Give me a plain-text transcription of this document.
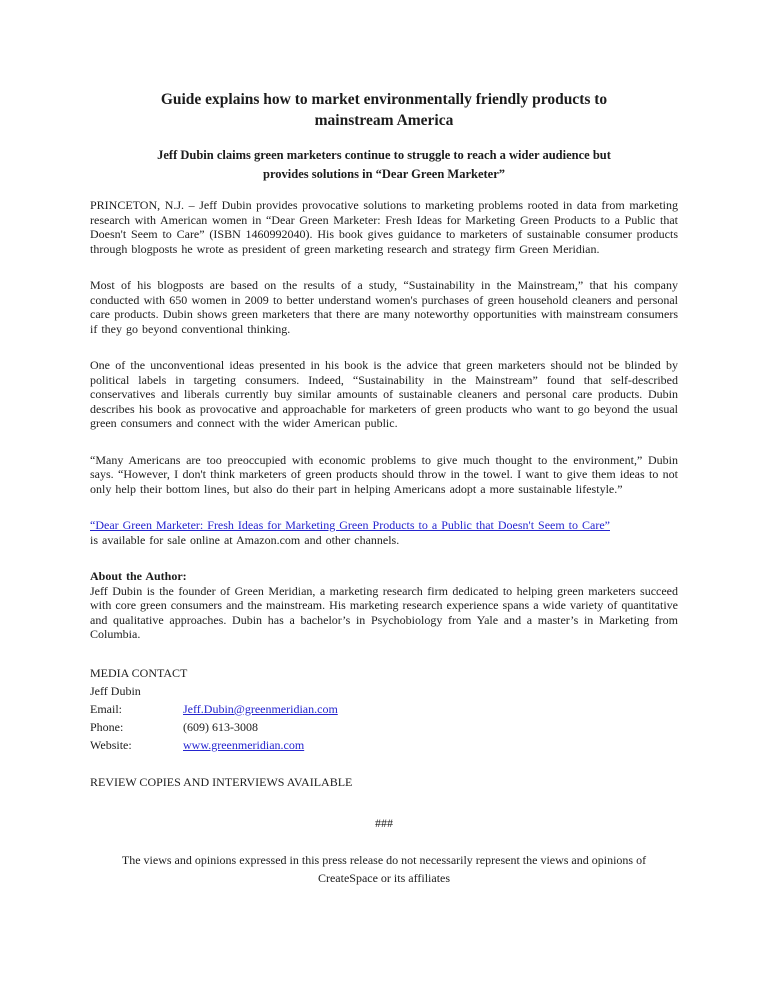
Guide explains how to market environmentally friendly products to
mainstream America
Jeff Dubin claims green marketers continue to struggle to reach a wider audience but
provides solutions in “Dear Green Marketer”

PRINCETON, N.J. – Jeff Dubin provides provocative solutions to marketing problems rooted in data from marketing research with American women in “Dear Green Marketer: Fresh Ideas for Marketing Green Products to a Public that Doesn't Seem to Care” (ISBN 1460992040). His book gives guidance to marketers of sustainable consumer products through blogposts he wrote as president of green marketing research and strategy firm Green Meridian.

Most of his blogposts are based on the results of a study, “Sustainability in the Mainstream,” that his company conducted with 650 women in 2009 to better understand women's purchases of green household cleaners and personal care products. Dubin shows green marketers that there are many noteworthy opportunities with mainstream consumers if they go beyond conventional thinking.

One of the unconventional ideas presented in his book is the advice that green marketers should not be blinded by political labels in targeting consumers. Indeed, “Sustainability in the Mainstream” found that self-described conservatives and liberals currently buy similar amounts of sustainable cleaners and personal care products. Dubin describes his book as provocative and approachable for marketers of green products who want to go beyond the usual green consumers and connect with the wider American public.

“Many Americans are too preoccupied with economic problems to give much thought to the environment,” Dubin says. “However, I don't think marketers of green products should throw in the towel. I want to give them ideas to not only help their bottom lines, but also do their part in helping Americans adopt a more sustainable lifestyle.”

“Dear Green Marketer: Fresh Ideas for Marketing Green Products to a Public that Doesn't Seem to Care”
is available for sale online at Amazon.com and other channels.

About the Author:
Jeff Dubin is the founder of Green Meridian, a marketing research firm dedicated to helping green marketers succeed with core green consumers and the mainstream. His marketing research experience spans a wide variety of quantitative and qualitative approaches. Dubin has a bachelor’s in Psychobiology from Yale and a master’s in Marketing from Columbia.
MEDIA CONTACT
Jeff Dubin
Email:	Jeff.Dubin@greenmeridian.com
Phone:	(609) 613-3008
Website:	www.greenmeridian.com
REVIEW COPIES AND INTERVIEWS AVAILABLE
###
The views and opinions expressed in this press release do not necessarily represent the views and opinions of CreateSpace or its affiliates
